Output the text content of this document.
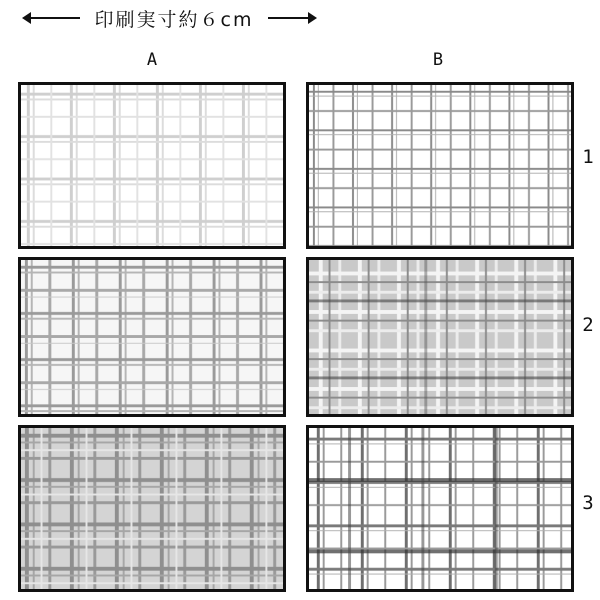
印刷実寸約６cm
A	B
1
2
3
